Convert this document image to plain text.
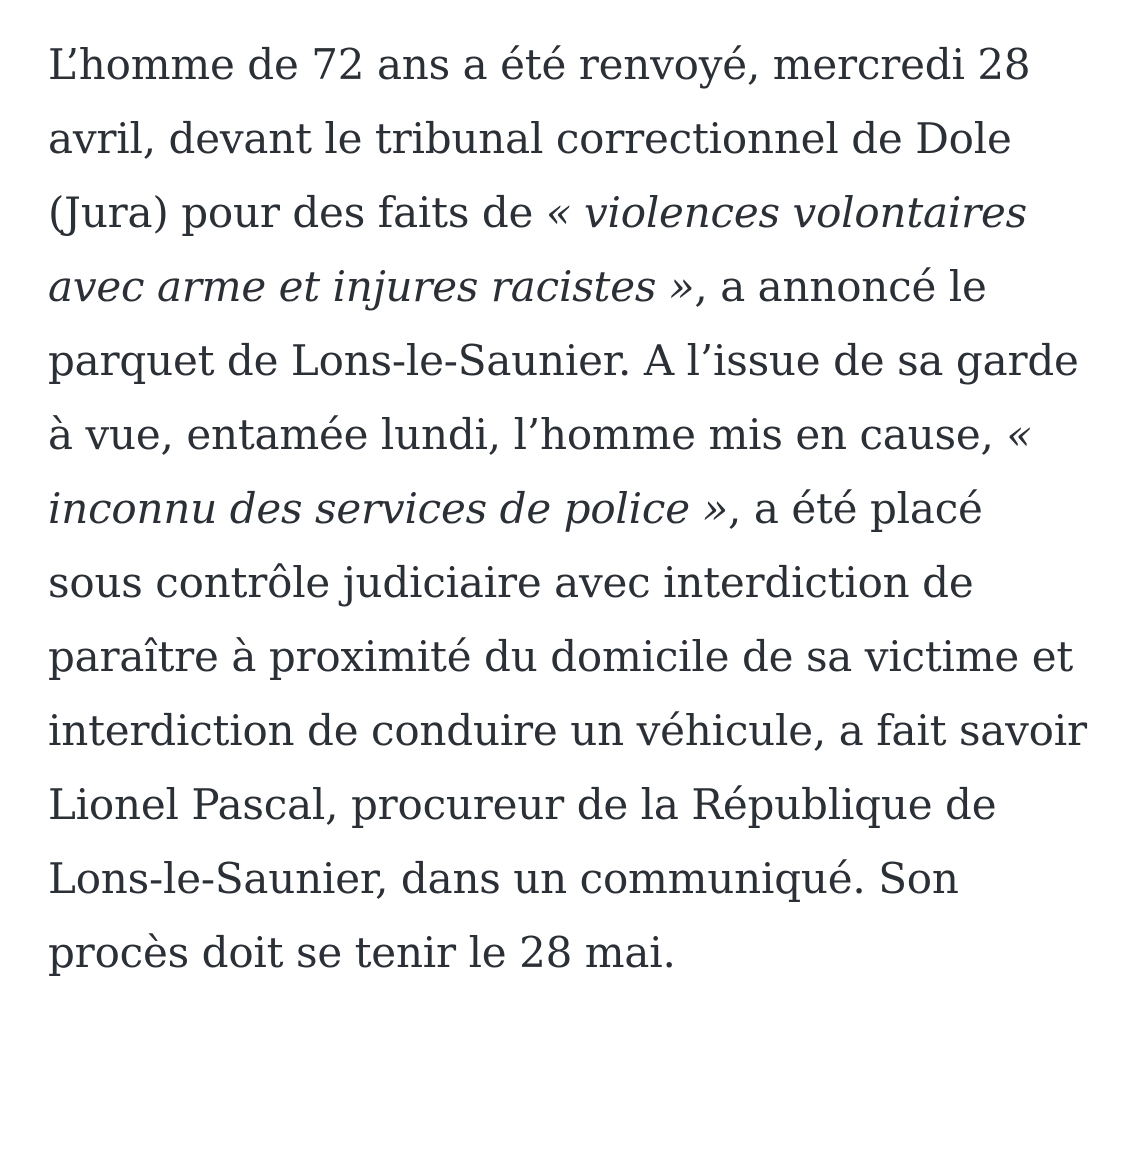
L’homme de 72 ans a été renvoyé, mercredi 28 avril, devant le tribunal correctionnel de Dole (Jura) pour des faits de « violences volontaires avec arme et injures racistes », a annoncé le parquet de Lons-le-Saunier. A l’issue de sa garde à vue, entamée lundi, l’homme mis en cause, « inconnu des services de police », a été placé sous contrôle judiciaire avec interdiction de paraître à proximité du domicile de sa victime et interdiction de conduire un véhicule, a fait savoir Lionel Pascal, procureur de la République de Lons-le-Saunier, dans un communiqué. Son procès doit se tenir le 28 mai.
